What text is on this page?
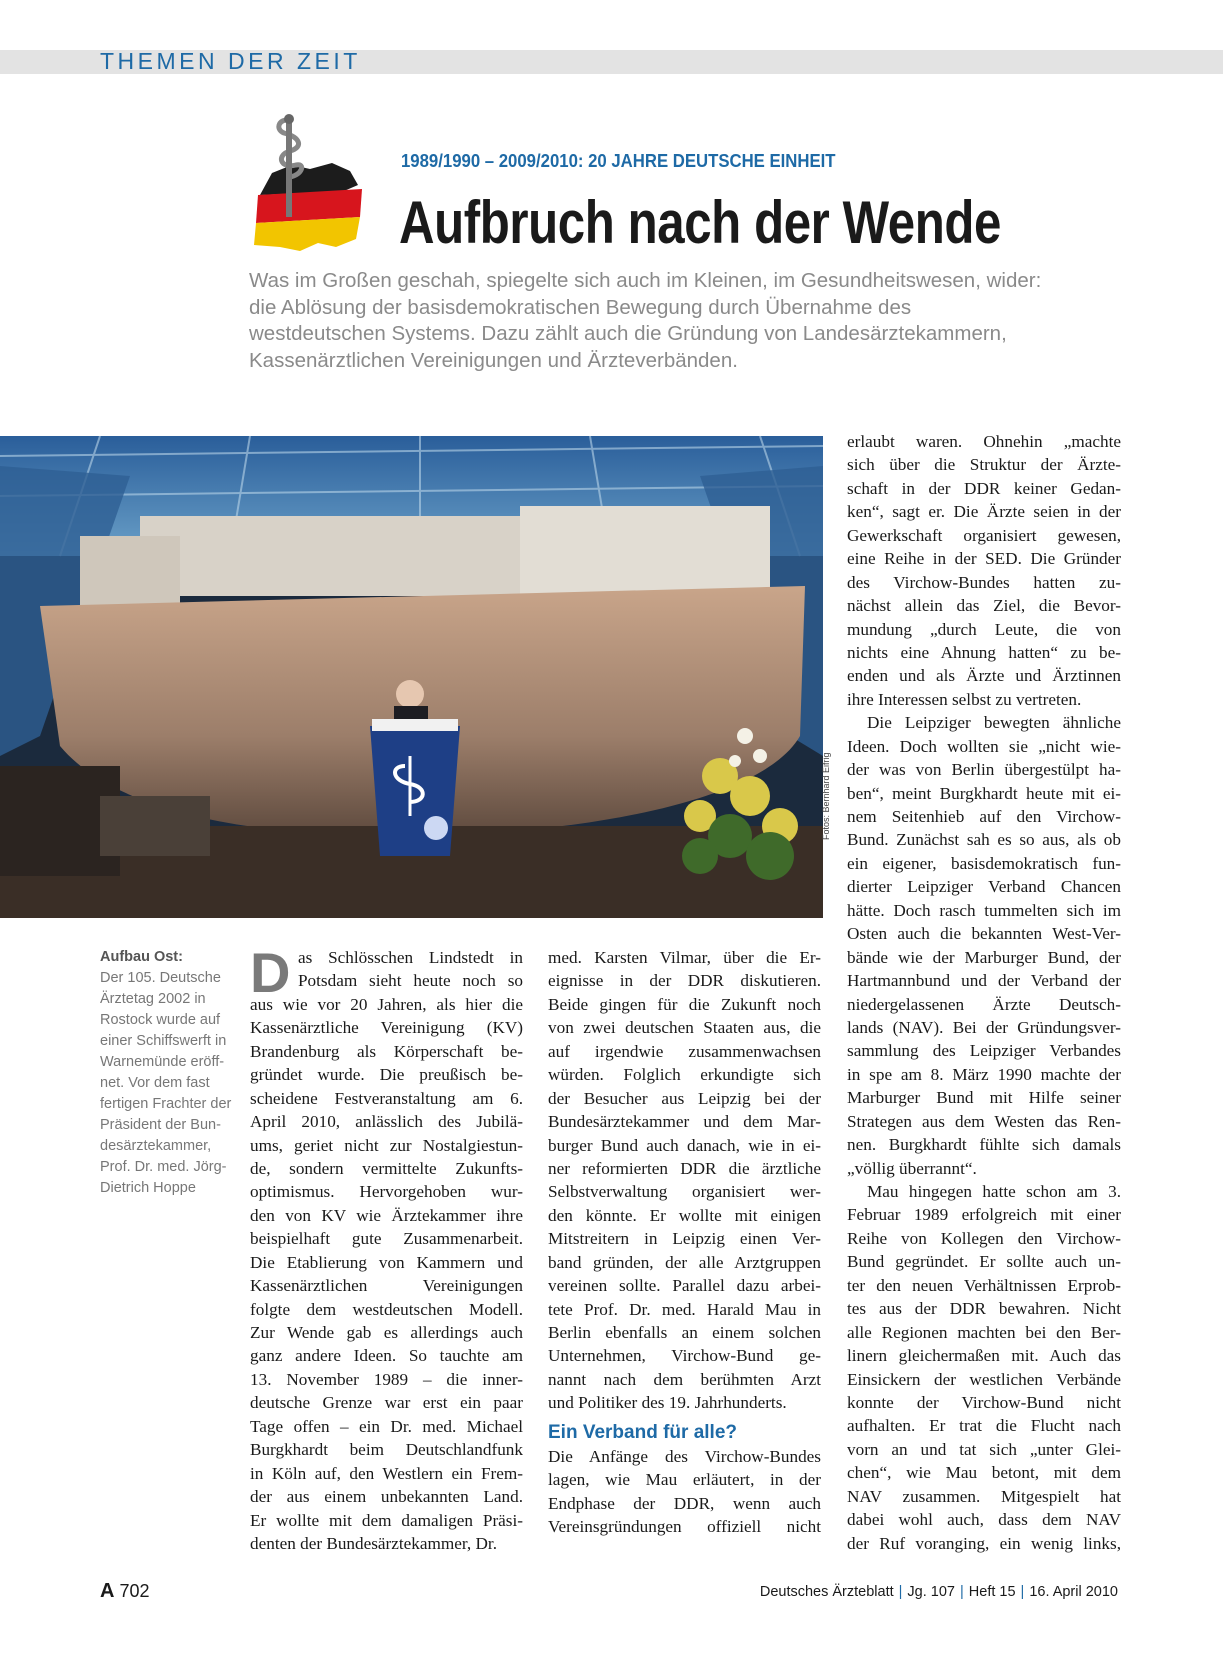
THEMEN DER ZEIT
1989/1990 – 2009/2010: 20 JAHRE DEUTSCHE EINHEIT
Aufbruch nach der Wende
Was im Großen geschah, spiegelte sich auch im Kleinen, im Gesundheitswesen, wider:
die Ablösung der basisdemokratischen Bewegung durch Übernahme des
westdeutschen Systems. Dazu zählt auch die Gründung von Landesärztekammern,
Kassenärztlichen Vereinigungen und Ärzteverbänden.
Fotos: Bernhard Eifrig
Aufbau Ost:
Der 105. Deutsche
Ärztetag 2002 in
Rostock wurde auf
einer Schiffswerft in
Warnemünde eröff-
net. Vor dem fast
fertigen Frachter der
Präsident der Bun-
desärztekammer,
Prof. Dr. med. Jörg-
Dietrich Hoppe
D as Schlösschen Lindstedt in
Potsdam sieht heute noch so
aus wie vor 20 Jahren, als hier die
Kassenärztliche Vereinigung (KV)
Brandenburg als Körperschaft be-
gründet wurde. Die preußisch be-
scheidene Festveranstaltung am 6.
April 2010, anlässlich des Jubilä-
ums, geriet nicht zur Nostalgiestun-
de, sondern vermittelte Zukunfts-
optimismus. Hervorgehoben wur-
den von KV wie Ärztekammer ihre
beispielhaft gute Zusammenarbeit.
Die Etablierung von Kammern und
Kassenärztlichen Vereinigungen
folgte dem westdeutschen Modell.
Zur Wende gab es allerdings auch
ganz andere Ideen. So tauchte am
13. November 1989 – die inner-
deutsche Grenze war erst ein paar
Tage offen – ein Dr. med. Michael
Burgkhardt beim Deutschlandfunk
in Köln auf, den Westlern ein Frem-
der aus einem unbekannten Land.
Er wollte mit dem damaligen Präsi-
denten der Bundesärztekammer, Dr.
med. Karsten Vilmar, über die Er-
eignisse in der DDR diskutieren.
Beide gingen für die Zukunft noch
von zwei deutschen Staaten aus, die
auf irgendwie zusammenwachsen
würden. Folglich erkundigte sich
der Besucher aus Leipzig bei der
Bundesärztekammer und dem Mar-
burger Bund auch danach, wie in ei-
ner reformierten DDR die ärztliche
Selbstverwaltung organisiert wer-
den könnte. Er wollte mit einigen
Mitstreitern in Leipzig einen Ver-
band gründen, der alle Arztgruppen
vereinen sollte. Parallel dazu arbei-
tete Prof. Dr. med. Harald Mau in
Berlin ebenfalls an einem solchen
Unternehmen, Virchow-Bund ge-
nannt nach dem berühmten Arzt
und Politiker des 19. Jahrhunderts.
Ein Verband für alle?
Die Anfänge des Virchow-Bundes
lagen, wie Mau erläutert, in der
Endphase der DDR, wenn auch
Vereinsgründungen offiziell nicht
erlaubt waren. Ohnehin „machte
sich über die Struktur der Ärzte-
schaft in der DDR keiner Gedan-
ken“, sagt er. Die Ärzte seien in der
Gewerkschaft organisiert gewesen,
eine Reihe in der SED. Die Gründer
des Virchow-Bundes hatten zu-
nächst allein das Ziel, die Bevor-
mundung „durch Leute, die von
nichts eine Ahnung hatten“ zu be-
enden und als Ärzte und Ärztinnen
ihre Interessen selbst zu vertreten.
Die Leipziger bewegten ähnliche
Ideen. Doch wollten sie „nicht wie-
der was von Berlin übergestülpt ha-
ben“, meint Burgkhardt heute mit ei-
nem Seitenhieb auf den Virchow-
Bund. Zunächst sah es so aus, als ob
ein eigener, basisdemokratisch fun-
dierter Leipziger Verband Chancen
hätte. Doch rasch tummelten sich im
Osten auch die bekannten West-Ver-
bände wie der Marburger Bund, der
Hartmannbund und der Verband der
niedergelassenen Ärzte Deutsch-
lands (NAV). Bei der Gründungsver-
sammlung des Leipziger Verbandes
in spe am 8. März 1990 machte der
Marburger Bund mit Hilfe seiner
Strategen aus dem Westen das Ren-
nen. Burgkhardt fühlte sich damals
„völlig überrannt“.
Mau hingegen hatte schon am 3.
Februar 1989 erfolgreich mit einer
Reihe von Kollegen den Virchow-
Bund gegründet. Er sollte auch un-
ter den neuen Verhältnissen Erprob-
tes aus der DDR bewahren. Nicht
alle Regionen machten bei den Ber-
linern gleichermaßen mit. Auch das
Einsickern der westlichen Verbände
konnte der Virchow-Bund nicht
aufhalten. Er trat die Flucht nach
vorn an und tat sich „unter Glei-
chen“, wie Mau betont, mit dem
NAV zusammen. Mitgespielt hat
dabei wohl auch, dass dem NAV
der Ruf voranging, ein wenig links,
A 702	Deutsches Ärzteblatt | Jg. 107 | Heft 15 | 16. April 2010
